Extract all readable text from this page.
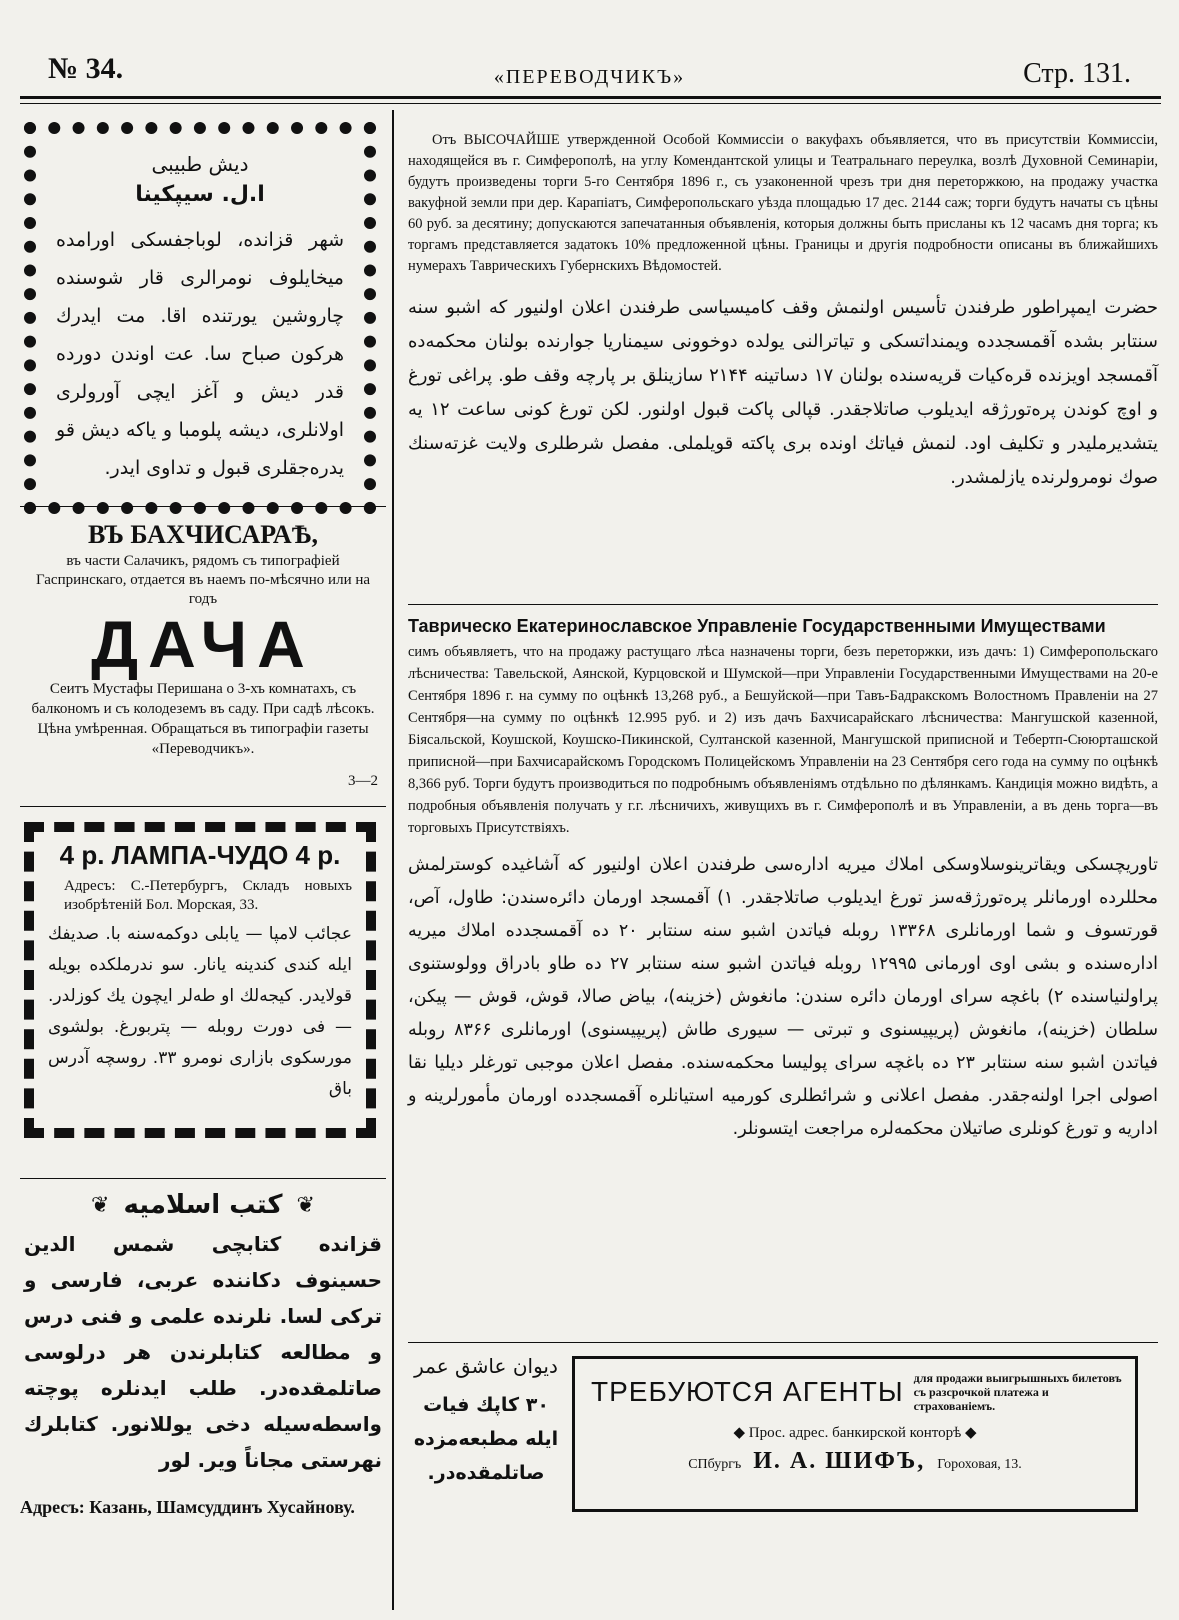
№ 34.	«ПЕРЕВОДЧИКЪ»	Стр. 131.
دیش طبیبی
ا.ل. سیپکینا
شهر قزانده، لوباجفسکی اورامده میخایلوف نومرالری قار شوسنده چاروشین یورتنده اقا. مت ایدرك هرکون صباح سا. عت اوندن دورده قدر دیش و آغز ایچی آورولری اولانلری، دیشه پلومبا و یاکه دیش قو یدرەجقلری قبول و تداوی ایدر.
ВЪ БАХЧИСАРАѢ,
въ части Салачикъ, рядомъ съ типографіей Гаспринскаго, отдается въ наемъ по-мѣсячно или на годъ
ДАЧА
Сеитъ Мустафы Перишана о 3-хъ комнатахъ, съ балкономъ и съ колодеземъ въ саду. При садѣ лѣсокъ. Цѣна умѣренная. Обращаться въ типографіи газеты «Переводчикъ».
3—2
4 р. ЛАМПА-ЧУДО 4 р.
Адресъ: С.-Петербургъ, Складъ новыхъ изобрѣтеній Бол. Морская, 33.
عجائب لامپا — یابلی دوکمەسنه با. صدیفك ایله کندی کندینه یانار. سو ندرملکده بویله قولایدر. کیجەلك او طەلر ایچون یك کوزلدر. — فی دورت روبله — پتربورغ. بولشوی مورسکوی بازاری نومرو ۳۳. روسچه آدرس باق
❦ کتب اسلامیه ❦
قزانده کتابچی شمس الدین حسینوف دکاننده عربی، فارسی و ترکی لسا. نلرنده علمی و فنی درس و مطالعه کتابلرندن هر درلوسی صاتلمقده‌در. طلب ایدنلره پوچته واسطەسیله دخی یوللانور. کتابلرك نهرستی مجاناً ویر. لور
Адресъ: Казань, Шамсуддинъ Хусайнову.
Отъ ВЫСОЧАЙШЕ утвержденной Особой Коммиссіи о вакуфахъ объявляется, что въ присутствіи Коммиссіи, находящейся въ г. Симферополѣ, на углу Комендантской улицы и Театральнаго переулка, возлѣ Духовной Семинаріи, будутъ произведены торги 5-го Сентября 1896 г., съ узаконенной чрезъ три дня переторжкою, на продажу участка вакуфной земли при дер. Карапіатъ, Симферопольскаго уѣзда площадью 17 дес. 2144 саж; торги будутъ начаты съ цѣны 60 руб. за десятину; допускаются запечатанныя объявленія, которыя должны быть присланы къ 12 часамъ дня торга; къ торгамъ представляется задатокъ 10% предложенной цѣны. Границы и другія подробности описаны въ ближайшихъ нумерахъ Таврическихъ Губернскихъ Вѣдомостей.
حضرت ایمپراطور طرفندن تأسیس اولنمش وقف کامیسیاسی طرفندن اعلان اولنیور که اشبو سنه سنتابر بشده آقمسجدده ویمنداتسکی و تیاترالنی یولده دوخوونی سیمناریا جوارنده بولنان محکمەده آقمسجد اویزندە قره‌کیات قریەسنده بولنان ۱۷ دساتینه ۲۱۴۴ سازینلق بر پارچه وقف طو. پراغی تورغ و اوچ کوندن پرەتورژقه ایدیلوب صاتلاجقدر. قپالی پاکت قبول اولنور. لکن تورغ کونی ساعت ۱۲ یه یتشدیرملیدر و تکلیف اود. لنمش فیاتك اونده بری پاکته قویلملی. مفصل شرطلری ولایت غزتەسنك صوك نومرولرنده یازلمشدر.
Таврическо Екатеринославское Управленіе Государственными Имуществами
симъ объявляетъ, что на продажу растущаго лѣса назначены торги, безъ переторжки, изъ дачъ: 1) Симферопольскаго лѣсничества: Тавельской, Аянской, Курцовской и Шумской—при Управленіи Государственными Имуществами на 20-е Сентября 1896 г. на сумму по оцѣнкѣ 13,268 руб., а Бешуйской—при Тавъ-Бадракскомъ Волостномъ Правленіи на 27 Сентября—на сумму по оцѣнкѣ 12.995 руб. и 2) изъ дачъ Бахчисарайскаго лѣсничества: Мангушской казенной, Біясальской, Коушской, Коушско-Пикинской, Султанской казенной, Мангушской приписной и Тебертп-Сююрташской приписной—при Бахчисарайскомъ Городскомъ Полицейскомъ Управленіи на 23 Сентября сего года на сумму по оцѣнкѣ 8,366 руб. Торги будутъ производиться по подробнымъ объявленіямъ отдѣльно по дѣлянкамъ. Кандиція можно видѣть, а подробныя объявленія получать у г.г. лѣсничихъ, живущихъ въ г. Симферополѣ и въ Управленіи, а въ день торга—въ торговыхъ Присутствіяхъ.
تاوریچسکی ویقاترینوسلاوسکی املاك میریه اداره‌سی طرفندن اعلان اولنیور که آشاغیده کوسترلمش محللرده اورمانلر پرەتورژقەسز تورغ ایدیلوب صاتلاجقدر. ۱) آقمسجد اورمان دائرەسندن: طاول، آص، قورتسوف و شما اورمانلری ۱۳۳۶۸ روبله فیاتدن اشبو سنه سنتابر ۲۰ ده آقمسجدده املاك میریه اداره‌سنده و بشی اوی اورمانی ۱۲۹۹۵ روبله فیاتدن اشبو سنه سنتابر ۲۷ ده طاو بادراق وولوستنوی پراولنیاسنده ۲) باغچه سرای اورمان دائره سندن: مانغوش (خزینه)، بیاض صالا، قوش، قوش — پیکن، سلطان (خزینه)، مانغوش (پریپیسنوی و تبرتی — سیوری طاش (پریپیسنوی) اورمانلری ۸۳۶۶ روبله فیاتدن اشبو سنه سنتابر ۲۳ ده باغچه سرای پولیسا محکمەسنده. مفصل اعلان موجبی تورغلر دیلیا نقا اصولی اجرا اولنەجقدر. مفصل اعلانی و شرائطلری کورمیه استیانلره آقمسجدده اورمان مأمورلرینه و اداریه و تورغ کونلری صاتیلان محکمەلره مراجعت ایتسونلر.
دیوان عاشق عمر
۳۰ کاپك فیات ایله مطبعەمزده صاتلمقده‌در.
ТРЕБУЮТСЯ АГЕНТЫ для продажи выигрышныхъ билетовъ съ разсрочкой платежа и страхованіемъ.
◆ Прос. адрес. банкирской конторѣ ◆
СПбургъ И. А. ШИФЪ, Гороховая, 13.
